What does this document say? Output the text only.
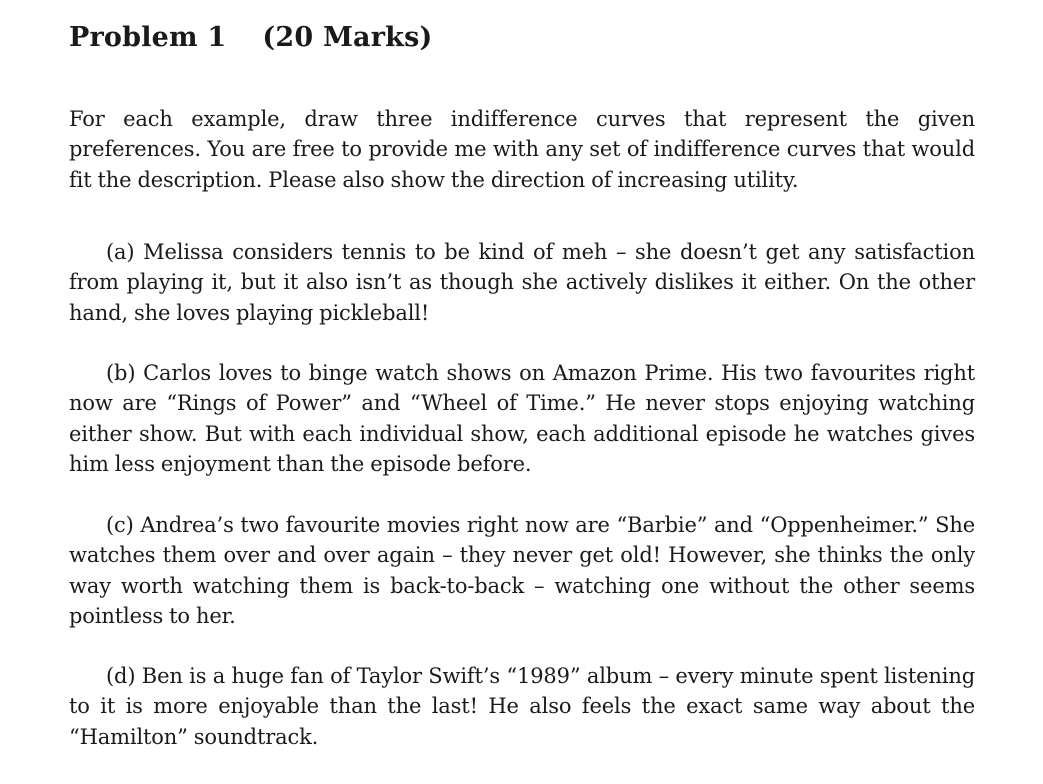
Problem 1 (20 Marks)

For each example, draw three indifference curves that represent the given preferences. You are free to provide me with any set of indifference curves that would fit the description. Please also show the direction of increasing utility.

(a) Melissa considers tennis to be kind of meh – she doesn’t get any satisfaction from playing it, but it also isn’t as though she actively dislikes it either. On the other hand, she loves playing pickleball!

(b) Carlos loves to binge watch shows on Amazon Prime. His two favourites right now are “Rings of Power” and “Wheel of Time.” He never stops enjoying watching either show. But with each individual show, each additional episode he watches gives him less enjoyment than the episode before.

(c) Andrea’s two favourite movies right now are “Barbie” and “Oppenheimer.” She watches them over and over again – they never get old! However, she thinks the only way worth watching them is back-to-back – watching one without the other seems pointless to her.

(d) Ben is a huge fan of Taylor Swift’s “1989” album – every minute spent listening to it is more enjoyable than the last! He also feels the exact same way about the “Hamilton” soundtrack.
